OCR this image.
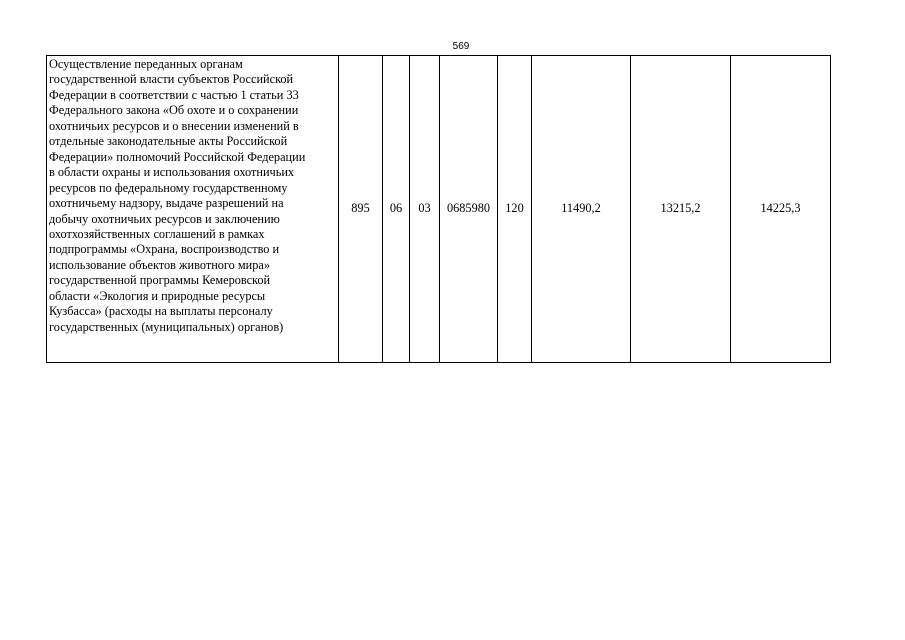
569
Осуществление переданных органам
государственной власти субъектов Российской
Федерации в соответствии с частью 1 статьи 33
Федерального закона «Об охоте и о сохранении
охотничьих ресурсов и о внесении изменений в
отдельные законодательные акты Российской
Федерации» полномочий Российской Федерации
в области охраны и использования охотничьих
ресурсов по федеральному государственному
охотничьему надзору, выдаче разрешений на
добычу охотничьих ресурсов и заключению
охотхозяйственных соглашений в рамках
подпрограммы «Охрана, воспроизводство и
использование объектов животного мира»
государственной программы Кемеровской
области «Экология и природные ресурсы
Кузбасса» (расходы на выплаты персоналу
государственных (муниципальных) органов)	895	06	03	0685980	120	11490,2	13215,2	14225,3
